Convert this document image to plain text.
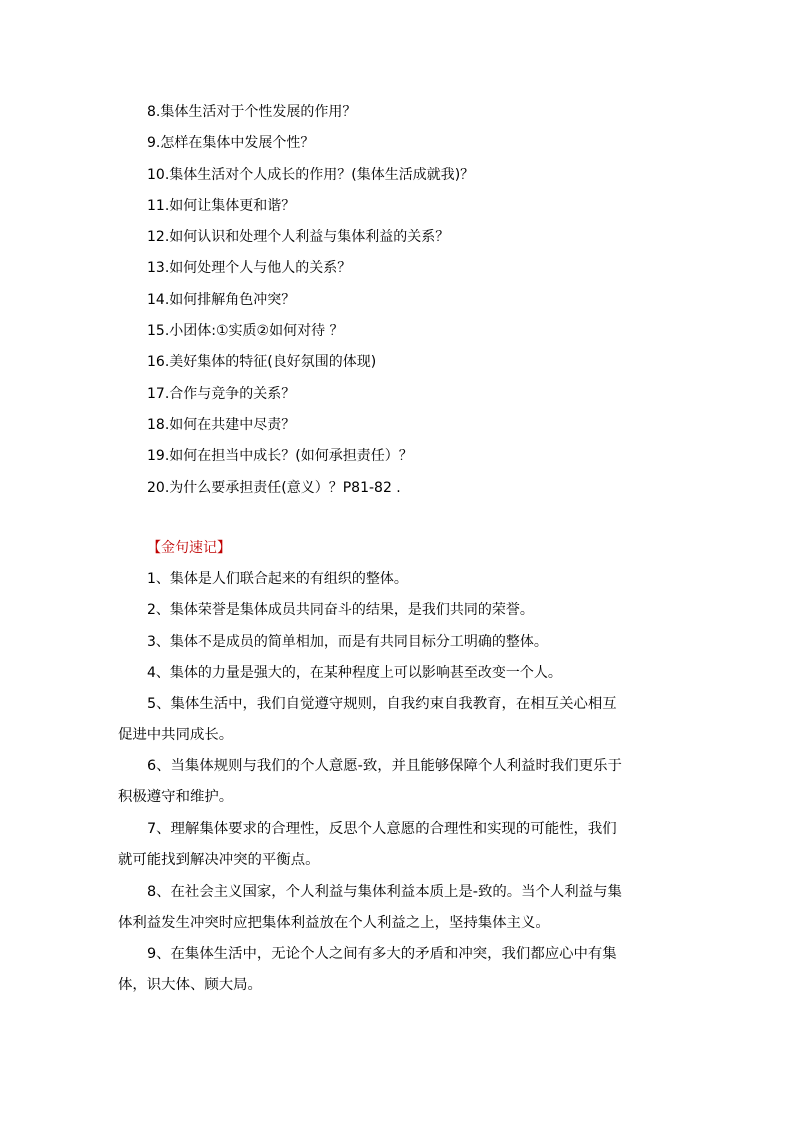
8.集体生活对于个性发展的作用？
9.怎样在集体中发展个性？
10.集体生活对个人成长的作用？(集体生活成就我)？
11.如何让集体更和谐？
12.如何认识和处理个人利益与集体利益的关系？
13.如何处理个人与他人的关系？
14.如何排解角色冲突？
15.小团体:①实质②如何对待 ？
16.美好集体的特征(良好氛围的体现)
17.合作与竞争的关系？
18.如何在共建中尽责？
19.如何在担当中成长？(如何承担责任）？
20.为什么要承担责任(意义）？P81-82 .
【金句速记】
1、集体是人们联合起来的有组织的整体。
2、集体荣誉是集体成员共同奋斗的结果，是我们共同的荣誉。
3、集体不是成员的简单相加，而是有共同目标分工明确的整体。
4、集体的力量是强大的，在某种程度上可以影响甚至改变一个人。
5、集体生活中，我们自觉遵守规则，自我约束自我教育，在相互关心相互
促进中共同成长。
6、当集体规则与我们的个人意愿-致，并且能够保障个人利益时我们更乐于
积极遵守和维护。
7、理解集体要求的合理性，反思个人意愿的合理性和实现的可能性，我们
就可能找到解决冲突的平衡点。
8、在社会主义国家，个人利益与集体利益本质上是-致的。当个人利益与集
体利益发生冲突时应把集体利益放在个人利益之上，坚持集体主义。
9、在集体生活中，无论个人之间有多大的矛盾和冲突，我们都应心中有集
体，识大体、顾大局。
